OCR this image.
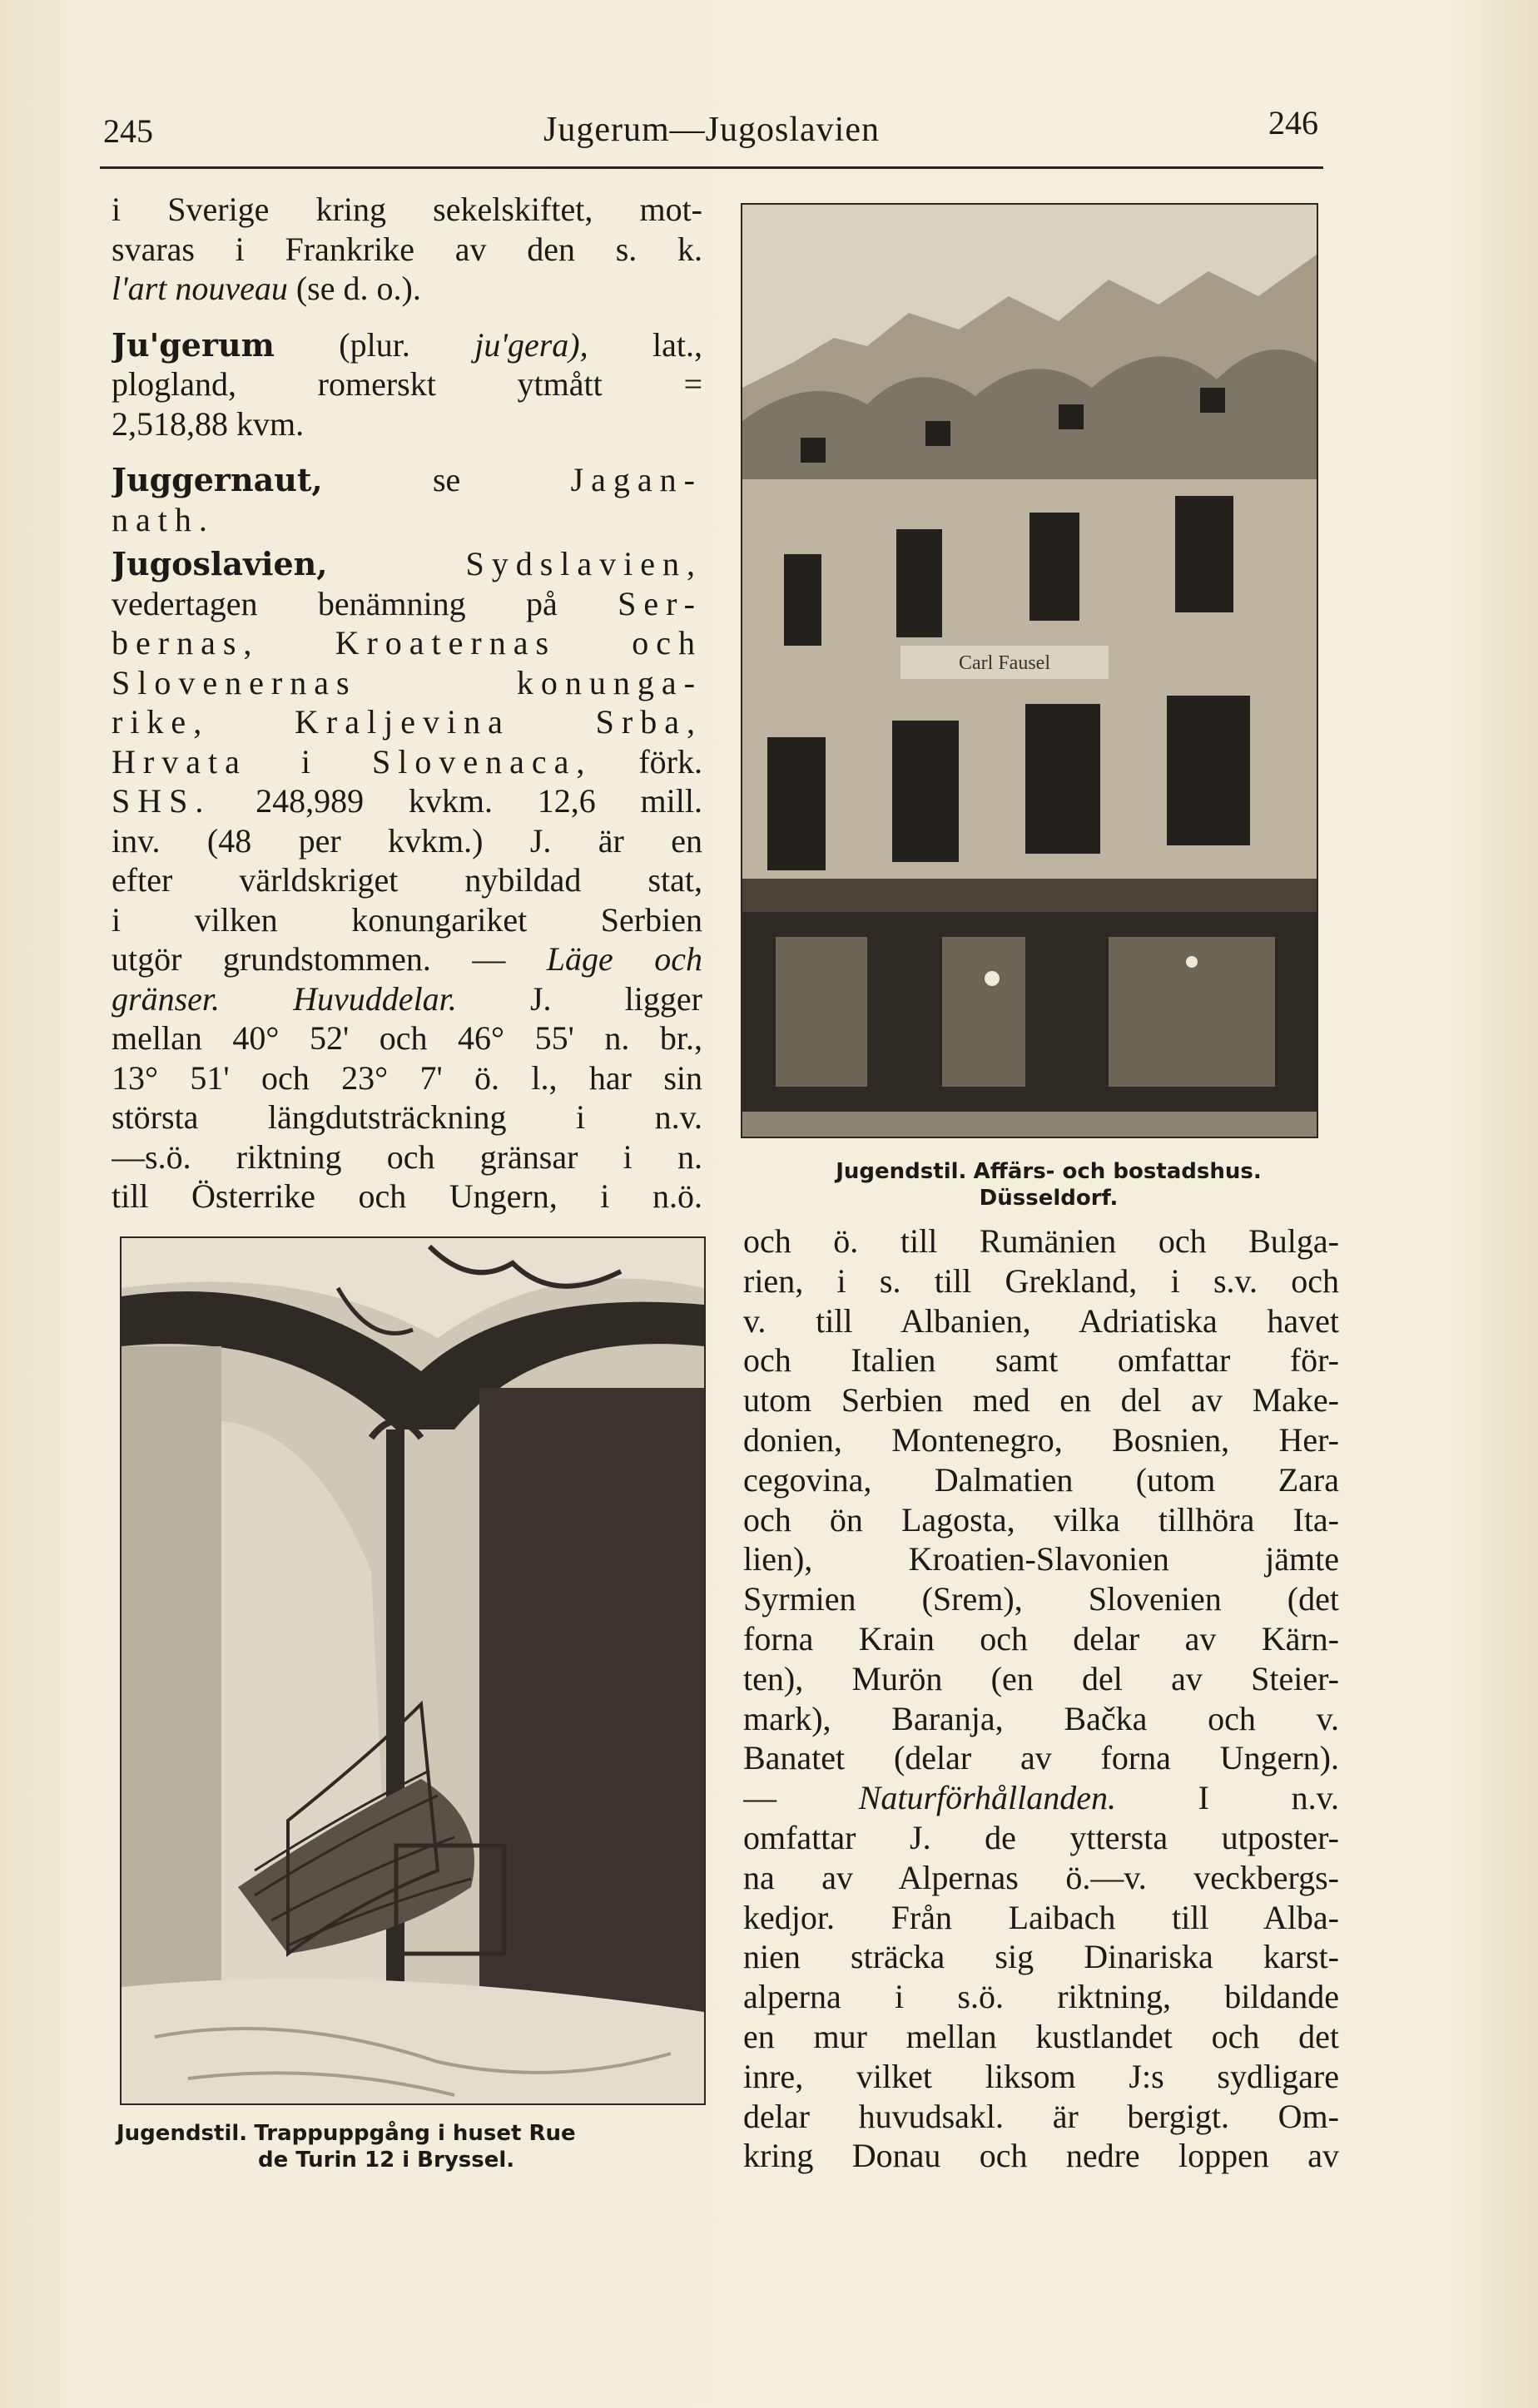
245	Jugerum—Jugoslavien	246
i Sverige kring sekelskiftet, mot-
svaras i Frankrike av den s. k.
l'art nouveau (se d. o.).
Ju'gerum (plur. ju'gera), lat.,
plogland, romerskt ytmått =
2,518,88 kvm.
Juggernaut, se Jagan-
nath.
Jugoslavien, Sydslavien,
vedertagen benämning på Ser-
bernas, Kroaternas och
Slovenernas konunga-
rike, Kraljevina Srba,
Hrvata i Slovenaca, förk.
SHS. 248,989 kvkm. 12,6 mill.
inv. (48 per kvkm.) J. är en
efter världskriget nybildad stat,
i vilken konungariket Serbien
utgör grundstommen. — Läge och
gränser. Huvuddelar. J. ligger
mellan 40° 52' och 46° 55' n. br.,
13° 51' och 23° 7' ö. l., har sin
största längdutsträckning i n.v.
—s.ö. riktning och gränsar i n.
till Österrike och Ungern, i n.ö.
Carl Fausel
Jugendstil. Affärs- och bostadshus.
Düsseldorf.
och ö. till Rumänien och Bulga-
rien, i s. till Grekland, i s.v. och
v. till Albanien, Adriatiska havet
och Italien samt omfattar för-
utom Serbien med en del av Make-
donien, Montenegro, Bosnien, Her-
cegovina, Dalmatien (utom Zara
och ön Lagosta, vilka tillhöra Ita-
lien), Kroatien-Slavonien jämte
Syrmien (Srem), Slovenien (det
forna Krain och delar av Kärn-
ten), Murön (en del av Steier-
mark), Baranja, Bačka och v.
Banatet (delar av forna Ungern).
— Naturförhållanden. I n.v.
omfattar J. de yttersta utposter-
na av Alpernas ö.—v. veckbergs-
kedjor. Från Laibach till Alba-
nien sträcka sig Dinariska karst-
alperna i s.ö. riktning, bildande
en mur mellan kustlandet och det
inre, vilket liksom J:s sydligare
delar huvudsakl. är bergigt. Om-
kring Donau och nedre loppen av
Jugendstil. Trappuppgång i huset Rue
de Turin 12 i Bryssel.
